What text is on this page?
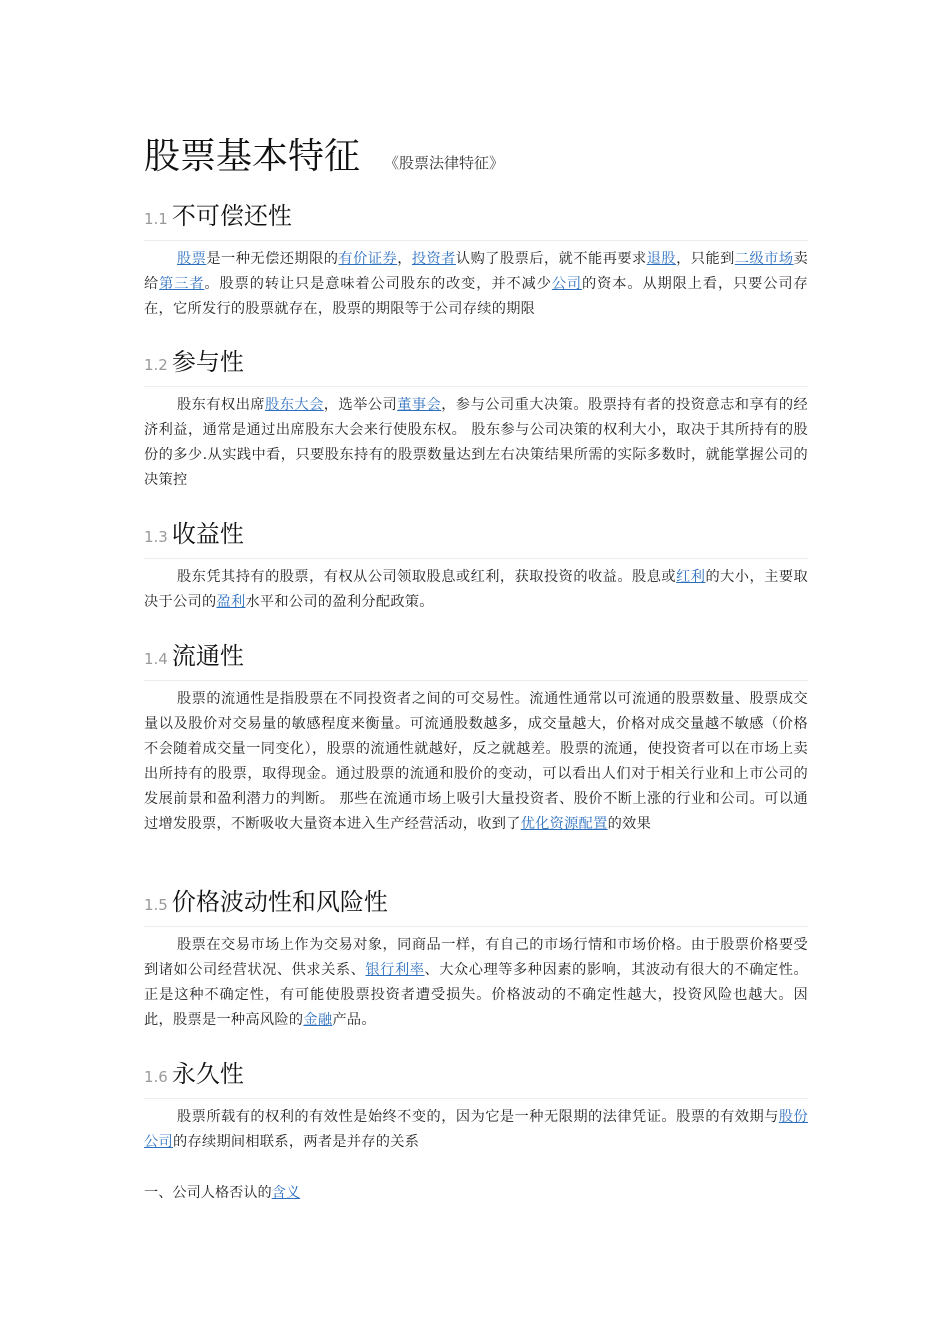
股票基本特征 《股票法律特征》
1.1 不可偿还性

股票是一种无偿还期限的有价证券，投资者认购了股票后，就不能再要求退股，只能到二级市场卖给第三者。股票的转让只是意味着公司股东的改变，并不减少公司的资本。从期限上看，只要公司存在，它所发行的股票就存在，股票的期限等于公司存续的期限

1.2 参与性

股东有权出席股东大会，选举公司董事会，参与公司重大决策。股票持有者的投资意志和享有的经济利益，通常是通过出席股东大会来行使股东权。 股东参与公司决策的权利大小，取决于其所持有的股份的多少.从实践中看，只要股东持有的股票数量达到左右决策结果所需的实际多数时，就能掌握公司的决策控

1.3 收益性

股东凭其持有的股票，有权从公司领取股息或红利，获取投资的收益。股息或红利的大小，主要取决于公司的盈利水平和公司的盈利分配政策。

1.4 流通性

股票的流通性是指股票在不同投资者之间的可交易性。流通性通常以可流通的股票数量、股票成交量以及股价对交易量的敏感程度来衡量。可流通股数越多，成交量越大，价格对成交量越不敏感（价格不会随着成交量一同变化），股票的流通性就越好，反之就越差。股票的流通，使投资者可以在市场上卖出所持有的股票，取得现金。通过股票的流通和股价的变动，可以看出人们对于相关行业和上市公司的发展前景和盈利潜力的判断。 那些在流通市场上吸引大量投资者、股价不断上涨的行业和公司。可以通过增发股票，不断吸收大量资本进入生产经营活动，收到了优化资源配置的效果

1.5 价格波动性和风险性

股票在交易市场上作为交易对象，同商品一样，有自己的市场行情和市场价格。由于股票价格要受到诸如公司经营状况、供求关系、银行利率、大众心理等多种因素的影响，其波动有很大的不确定性。正是这种不确定性，有可能使股票投资者遭受损失。价格波动的不确定性越大，投资风险也越大。因此，股票是一种高风险的金融产品。

1.6 永久性

股票所载有的权利的有效性是始终不变的，因为它是一种无限期的法律凭证。股票的有效期与股份公司的存续期间相联系，两者是并存的关系

一、公司人格否认的含义
